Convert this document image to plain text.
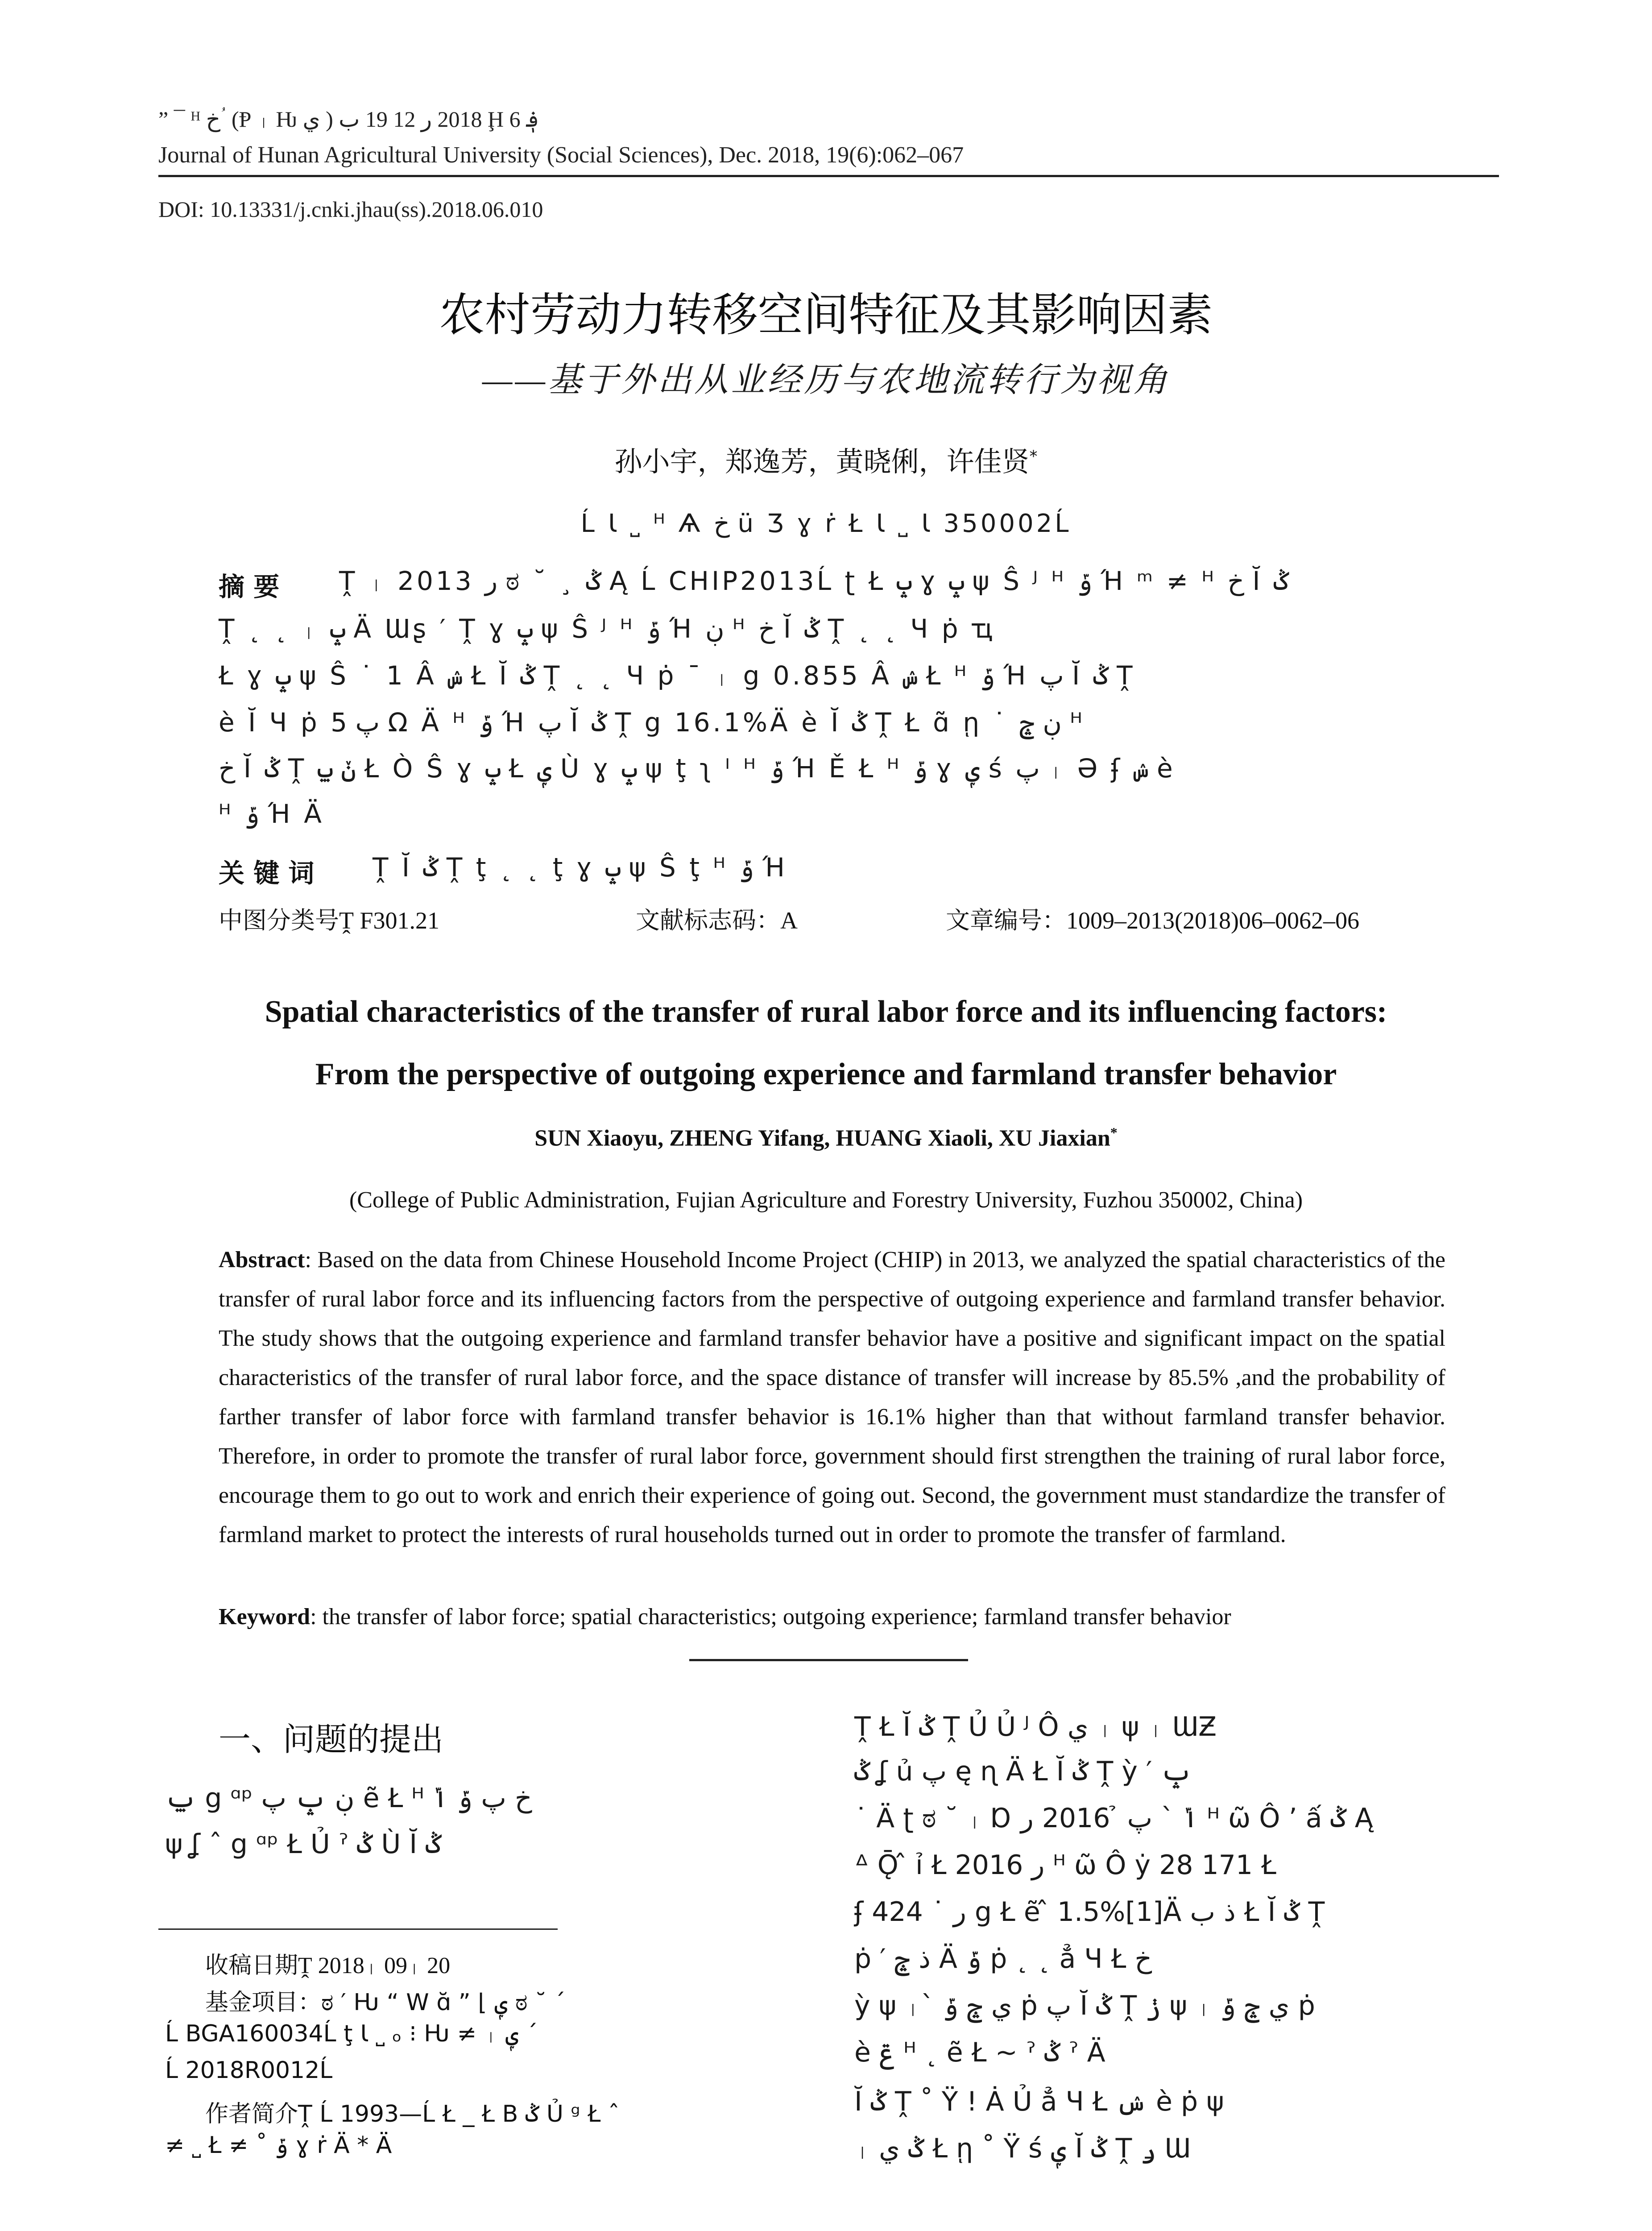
” ¯ ᴴ خ ؙ (Ᵽ ᛧ Ƕ ي ) 2018 ر 12 19 ب Ḩ 6 ؋
Journal of Hunan Agricultural University (Social Sciences), Dec. 2018, 19(6):062–067
DOI: 10.13331/j.cnki.jhau(ss).2018.06.010
农村劳动力转移空间特征及其影响因素
——基于外出从业经历与农地流转行为视角
孙小宇，郑逸芳，黄晓俐，许佳贤*
Ĺ Ɩ ˽ ᴴ Ѧ خ ü Ʒ ɣ ṙ Ł Ɩ ˽ Ɩ 350002Ĺ
摘 要 Ṱ ᛧ 2013 ر ಠ ˘ ¸ ݣ Ą Ĺ CHIP2013Ĺ ʈ Ł ݒ ɣ ݒ ψ Ŝ ᴶ ᴴ ݹ Ή ᵐ ≠ ᴴ خ Ĭ ݣ
Ṱ ˛ ˛ ᛧ ݒ Ä Ɯʂ ′ Ṱ ɣ ݒ ψ Ŝ ᴶ ᴴ ݹ Ή ڹ ᴴ خ Ĭ ݣ Ṱ ˛ ˛ Ч ṗ ҵ
Ł ɣ ݒ ψ Ŝ ˙ 1 Â ݾ Ł Ĭ ݣ Ṱ ˛ ˛ Ч ṗ ¯ ᛧ ց 0.855 Â ݾ Ł ᴴ ݹ Ή پ Ĭ ݣ Ṱ
è Ĭ Ч ṗ پ 5 Ω Ä ᴴ ݹ Ή پ Ĭ ݣ Ṱ ց 16.1%Ä è Ĭ ݣ Ṱ Ł ɑ̃ ῃ ˙ ڹ ݘ ᴴ
خ Ĭ ݣ Ṱ ݩ ݐ Ł Ò Ŝ ɣ ݒ Ł ݷ Ù ɣ ݒ ψ ţ ʅ ᴵ ᴴ ݹ Ή Ě Ł ᴴ ݹ ɣ ݷ ś پ ᛧ Ә ʄ ݾ è
ᴴ ݹ Ή Ä
关 键 词 Ṱ Ĭ ݣ Ṱ ţ ˛ ˛ ţ ɣ ݒ ψ Ŝ ţ ᴴ ݹ Ή
中图分类号Ṱ F301.21	文献标志码：A	文章编号：1009–2013(2018)06–0062–06
Spatial characteristics of the transfer of rural labor force and its influencing factors:
From the perspective of outgoing experience and farmland transfer behavior
SUN Xiaoyu, ZHENG Yifang, HUANG Xiaoli, XU Jiaxian*
(College of Public Administration, Fujian Agriculture and Forestry University, Fuzhou 350002, China)
Abstract: Based on the data from Chinese Household Income Project (CHIP) in 2013, we analyzed the spatial characteristics of the transfer of rural labor force and its influencing factors from the perspective of outgoing experience and farmland transfer behavior. The study shows that the outgoing experience and farmland transfer behavior have a positive and significant impact on the spatial characteristics of the transfer of rural labor force, and the space distance of transfer will increase by 85.5% ,and the probability of farther transfer of labor force with farmland transfer behavior is 16.1% higher than that without farmland transfer behavior. Therefore, in order to promote the transfer of rural labor force, government should first strengthen the training of rural labor force, encourage them to go out to work and enrich their experience of going out. Second, the government must standardize the transfer of farmland market to protect the interests of rural households turned out in order to promote the transfer of farmland.
Keyword: the transfer of labor force; spatial characteristics; outgoing experience; farmland transfer behavior
一、问题的提出
ݐ ց ᵅᵖ ڹ ݒ پ ẽ Ł ᴴ خ پ ݹ ݴ
ψ ʆ ˆ ց ᵅᵖ Ł Ủ ˀ ݣ Ù Ĭ ݣ
收稿日期Ṱ 2018ᛧ 09ᛧ 20
基金项目：ಠ ′ Ƕ “ W ɑ̆ ” ⌊ ݷ ಠ ˘ ˊ
Ĺ BGA160034Ĺ ţ Ɩ ˽ ₒ ⁝ Ƕ ≠ ᛧ ݷ ˊ
Ĺ 2018R0012Ĺ
作者简介Ṱ Ĺ 1993—Ĺ Ł _ Ł B ݣ Ủ ᵍ Ł ˆ
≠ ˽ Ł ≠ ˚ ݹ ɣ ṙ Ä * Ä
Ṱ Ł Ĭ ݣ Ṱ Ủ Ủ ᴶ Ô ي ᛧ ψ ᛧ ƜƵ
ݣ ʆ ủ پ ę ɳ Ä Ł Ĭ ݣ Ṱ ỳ ′ ݒ
˙ Ä ʈ ಠ ˘ ᛧ Ɒ ݴ ` پ ̉ 2016 ر ᴴ ῶ Ô ’ ấ ݣ Ą
ᐞ Ǭ ̂ ỉ Ł 2016 ر ᴴ ῶ Ô ẏ 28 171 Ł
ʄ ر ˙ 424 ց Ł ẽ ̂ 1.5%[1]Ä ذ ب Ł Ĭ ݣ Ṱ
ṗ ′ ذ ݘ Ä ݹ ṗ ˛ ˛ ẳ Ч Ł خ
ỳ ψ ᛧ` ي ݘ ݹ ṗ پ Ĭ ݣ Ṱ ݫ ψ ᛧ ي ݘ ݹ ṗ
è ݝ ᴴ ˛ ẽ Ł ~ ˀ ݣ ˀ Ä
Ĭ ݣ Ṱ ˚ Ÿ ! Ȧ Ủ ẳ Ч Ł ݾ è ṗ ψ
ᛧ ݣ ي Ł ῃ ˚ Ÿ ś ݷ Ĭ ݣ Ṱ ݛ Ɯ
